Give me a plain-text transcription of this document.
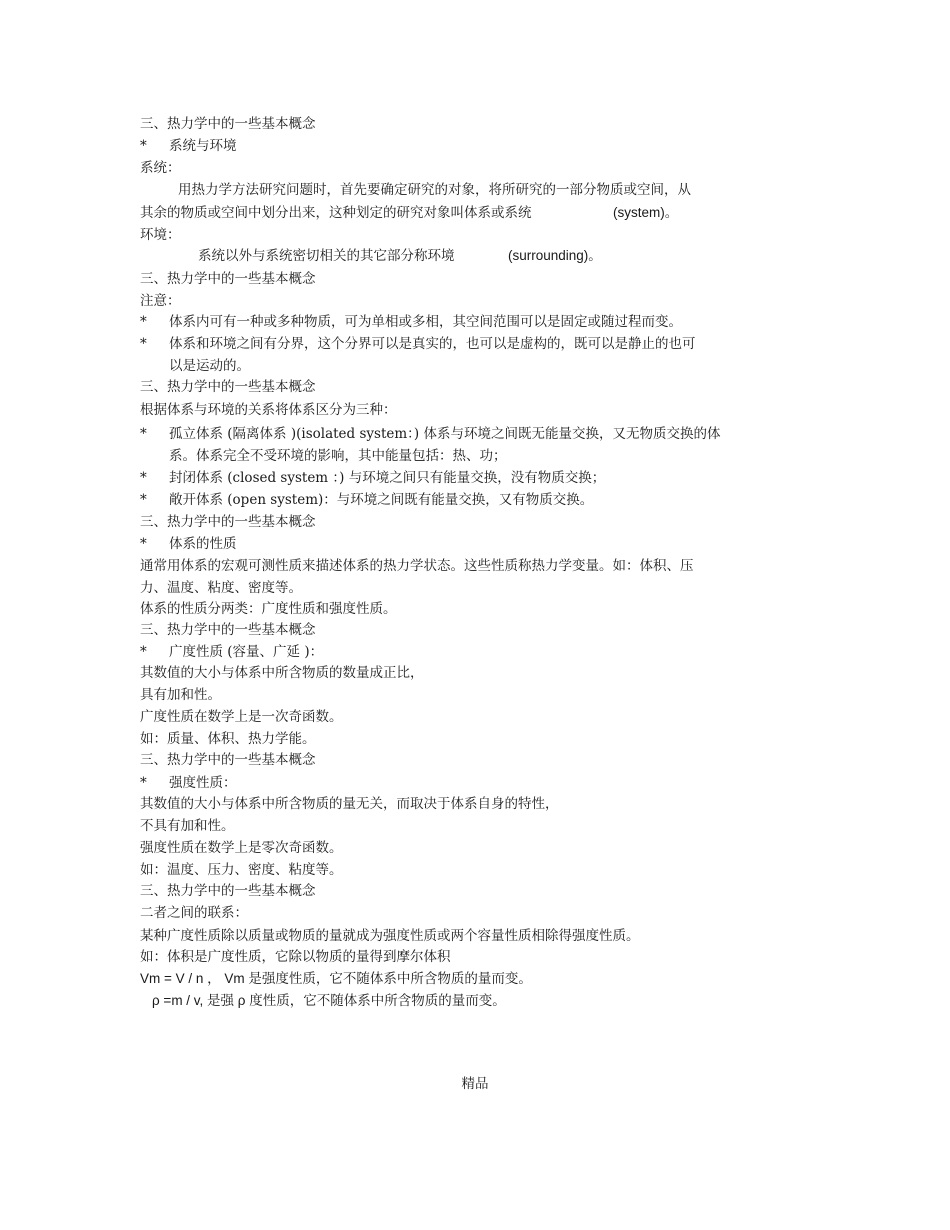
三、热力学中的一些基本概念
* 系统与环境
系统：
用热力学方法研究问题时，首先要确定研究的对象，将所研究的一部分物质或空间，从
其余的物质或空间中划分出来，这种划定的研究对象叫体系或系统	(system)。
环境：
系统以外与系统密切相关的其它部分称环境	(surrounding)。
三、热力学中的一些基本概念
注意：
* 体系内可有一种或多种物质，可为单相或多相，其空间范围可以是固定或随过程而变。
* 体系和环境之间有分界，这个分界可以是真实的，也可以是虚构的，既可以是静止的也可
以是运动的。
三、热力学中的一些基本概念
根据体系与环境的关系将体系区分为三种：
* 孤立体系 (隔离体系 )(isolated system：) 体系与环境之间既无能量交换，又无物质交换的体
系。体系完全不受环境的影响，其中能量包括：热、功；
* 封闭体系 (closed system ：) 与环境之间只有能量交换，没有物质交换；
* 敞开体系 (open system)：与环境之间既有能量交换，又有物质交换。
三、热力学中的一些基本概念
* 体系的性质
通常用体系的宏观可测性质来描述体系的热力学状态。这些性质称热力学变量。如：体积、压
力、温度、粘度、密度等。
体系的性质分两类：广度性质和强度性质。
三、热力学中的一些基本概念
* 广度性质 (容量、广延 )：
其数值的大小与体系中所含物质的数量成正比，
具有加和性。
广度性质在数学上是一次奇函数。
如：质量、体积、热力学能。
三、热力学中的一些基本概念
* 强度性质：
其数值的大小与体系中所含物质的量无关，而取决于体系自身的特性，
不具有加和性。
强度性质在数学上是零次奇函数。
如：温度、压力、密度、粘度等。
三、热力学中的一些基本概念
二者之间的联系：
某种广度性质除以质量或物质的量就成为强度性质或两个容量性质相除得强度性质。
如：体积是广度性质，它除以物质的量得到摩尔体积
Vm = V / n ， Vm 是强度性质，它不随体系中所含物质的量而变。
ρ =m / v, 是强 ρ 度性质，它不随体系中所含物质的量而变。
精品
